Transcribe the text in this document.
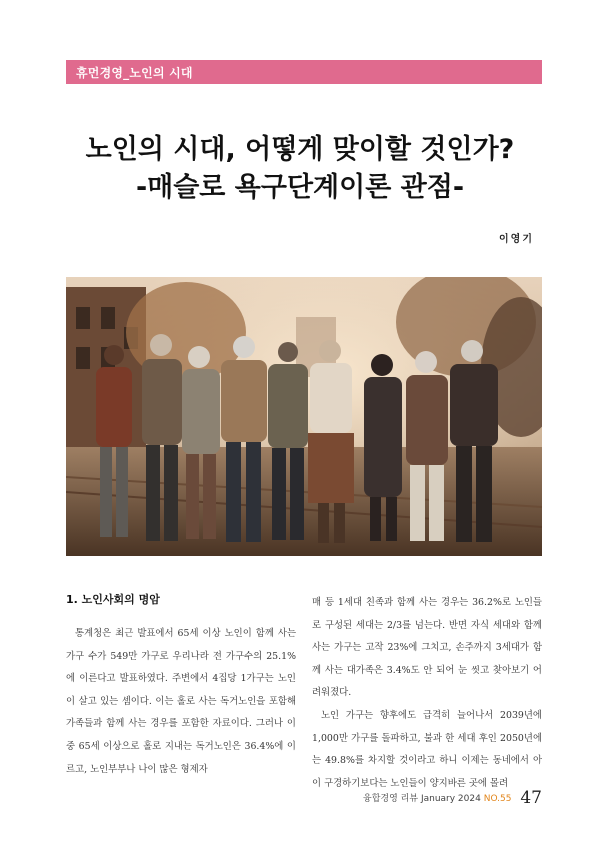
휴먼경영_노인의 시대
노인의 시대, 어떻게 맞이할 것인가?
-매슬로 욕구단계이론 관점-
이영기
1. 노인사회의 명암

통계청은 최근 발표에서 65세 이상 노인이 함께 사는 가구 수가 549만 가구로 우리나라 전 가구수의 25.1%에 이른다고 발표하였다. 주변에서 4집당 1가구는 노인이 살고 있는 셈이다. 이는 홀로 사는 독거노인을 포함해 가족들과 함께 사는 경우를 포함한 자료이다. 그러나 이중 65세 이상으로 홀로 지내는 독거노인은 36.4%에 이르고, 노인부부나 나이 많은 형제자

매 등 1세대 친족과 함께 사는 경우는 36.2%로 노인들로 구성된 세대는 2/3를 넘는다. 반면 자식 세대와 함께 사는 가구는 고작 23%에 그치고, 손주까지 3세대가 함께 사는 대가족은 3.4%도 안 되어 눈 씻고 찾아보기 어려워졌다.

노인 가구는 향후에도 급격히 늘어나서 2039년에 1,000만 가구를 돌파하고, 불과 한 세대 후인 2050년에는 49.8%를 차지할 것이라고 하니 이제는 동네에서 아이 구경하기보다는 노인들이 양지바른 곳에 몰려

융합경영 리뷰 January 2024 NO.55 47
